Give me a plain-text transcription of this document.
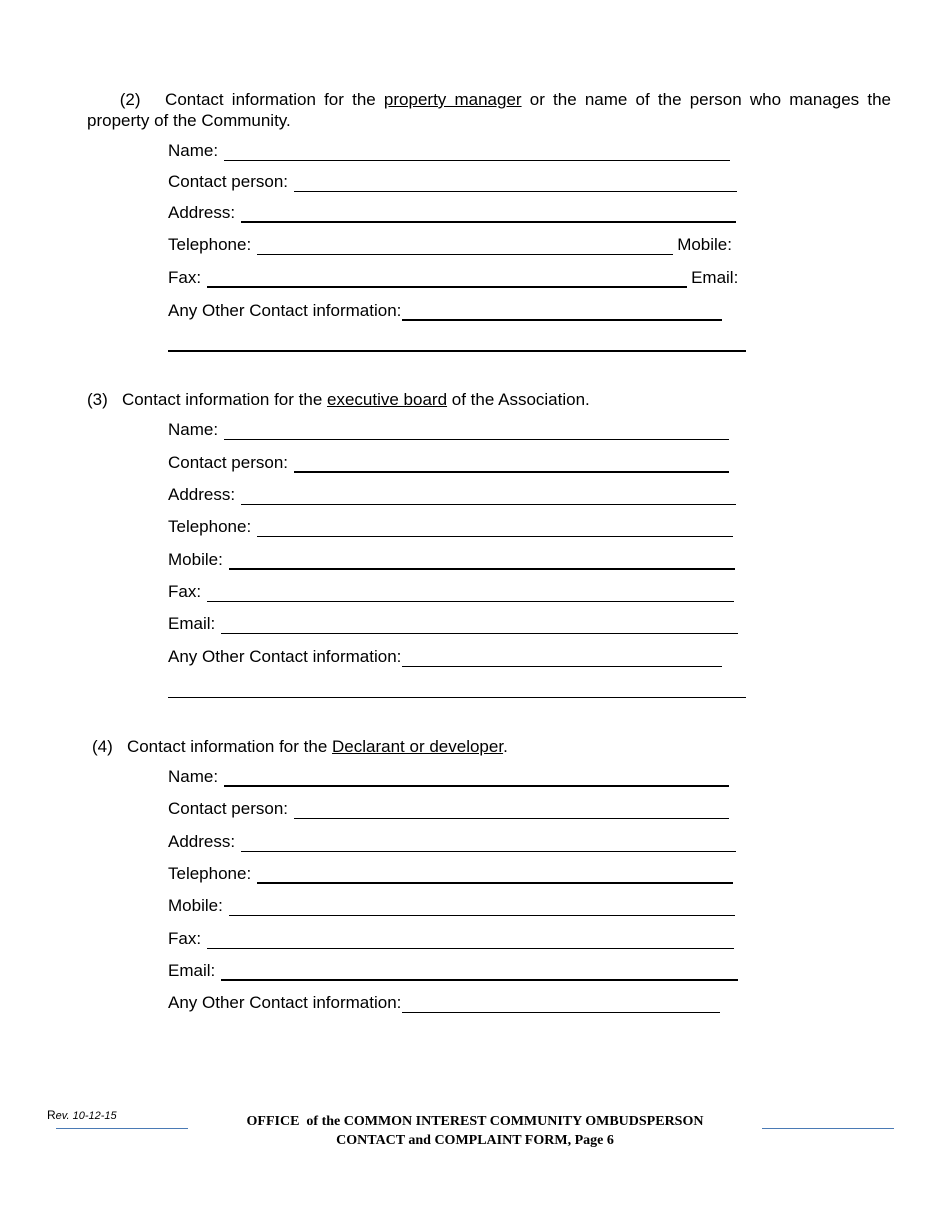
(2) Contact information for the property manager or the name of the person who manages the
property of the Community.
Name:
Contact person:
Address:
Telephone:	Mobile:
Fax:	Email:
Any Other Contact information:
(3) Contact information for the executive board of the Association.
Name:
Contact person:
Address:
Telephone:
Mobile:
Fax:
Email:
Any Other Contact information:
(4) Contact information for the Declarant or developer.
Name:
Contact person:
Address:
Telephone:
Mobile:
Fax:
Email:
Any Other Contact information:
Rev. 10-12-15	OFFICE  of the COMMON INTEREST COMMUNITY OMBUDSPERSON
CONTACT and COMPLAINT FORM, Page 6
